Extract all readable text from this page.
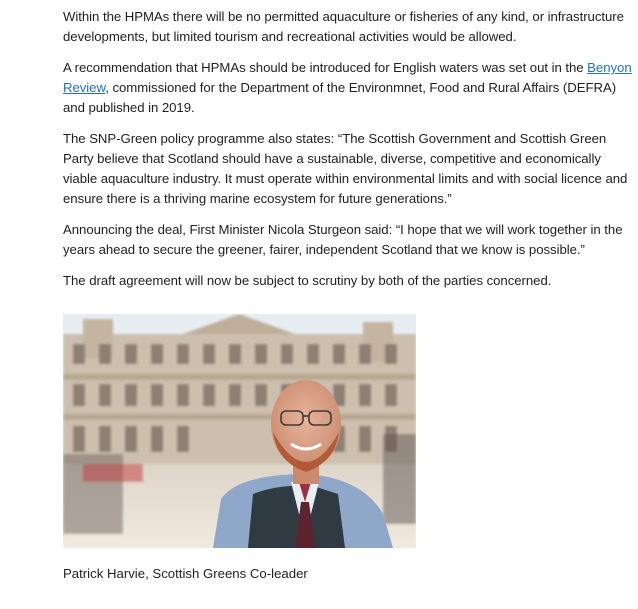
Within the HPMAs there will be no permitted aquaculture or fisheries of any kind, or infrastructure developments, but limited tourism and recreational activities would be allowed.

A recommendation that HPMAs should be introduced for English waters was set out in the Benyon Review, commissioned for the Department of the Environmnet, Food and Rural Affairs (DEFRA) and published in 2019.

The SNP-Green policy programme also states: “The Scottish Government and Scottish Green Party believe that Scotland should have a sustainable, diverse, competitive and economically viable aquaculture industry. It must operate within environmental limits and with social licence and ensure there is a thriving marine ecosystem for future generations.”

Announcing the deal, First Minister Nicola Sturgeon said: “I hope that we will work together in the years ahead to secure the greener, fairer, independent Scotland that we know is possible.”

The draft agreement will now be subject to scrutiny by both of the parties concerned.

Patrick Harvie, Scottish Greens Co-leader
